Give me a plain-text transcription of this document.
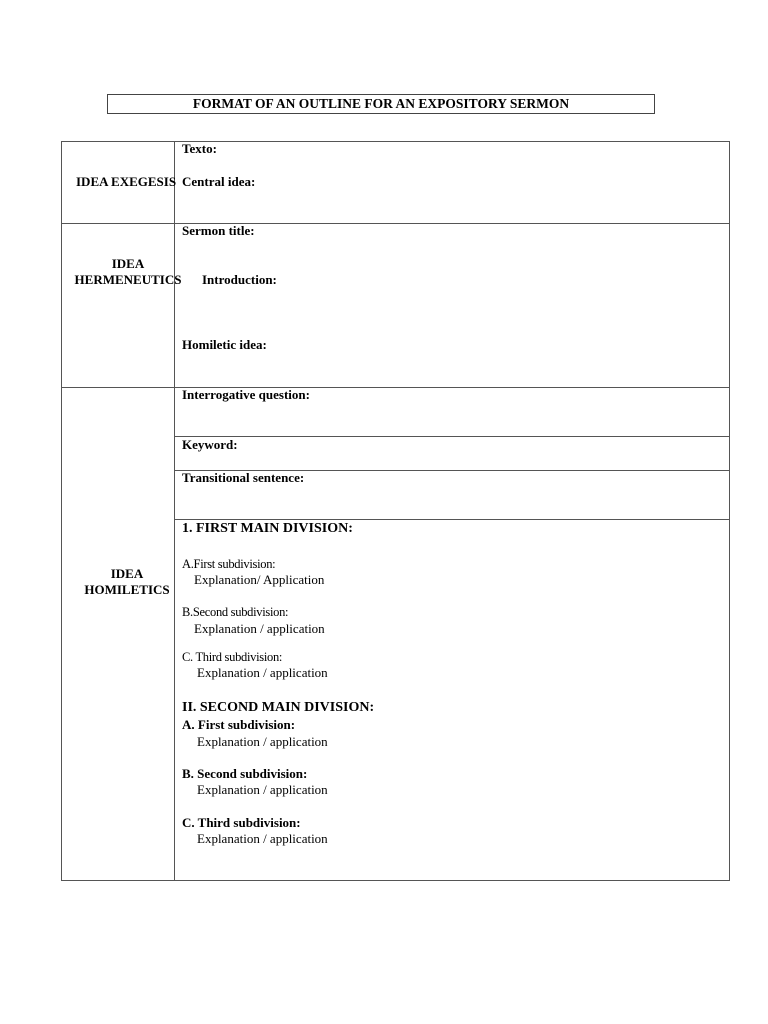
FORMAT OF AN OUTLINE FOR AN EXPOSITORY SERMON
IDEA EXEGESIS
IDEA
HERMENEUTICS
IDEA
HOMILETICS
Texto:
Central idea:
Sermon title:
Introduction:
Homiletic idea:
Interrogative question:
Keyword:
Transitional sentence:
1. FIRST MAIN DIVISION:
A.First subdivision:
Explanation/ Application
B.Second subdivision:
Explanation / application
C. Third subdivision:
Explanation / application
II. SECOND MAIN DIVISION:
A. First subdivision:
Explanation / application
B. Second subdivision:
Explanation / application
C. Third subdivision:
Explanation / application
